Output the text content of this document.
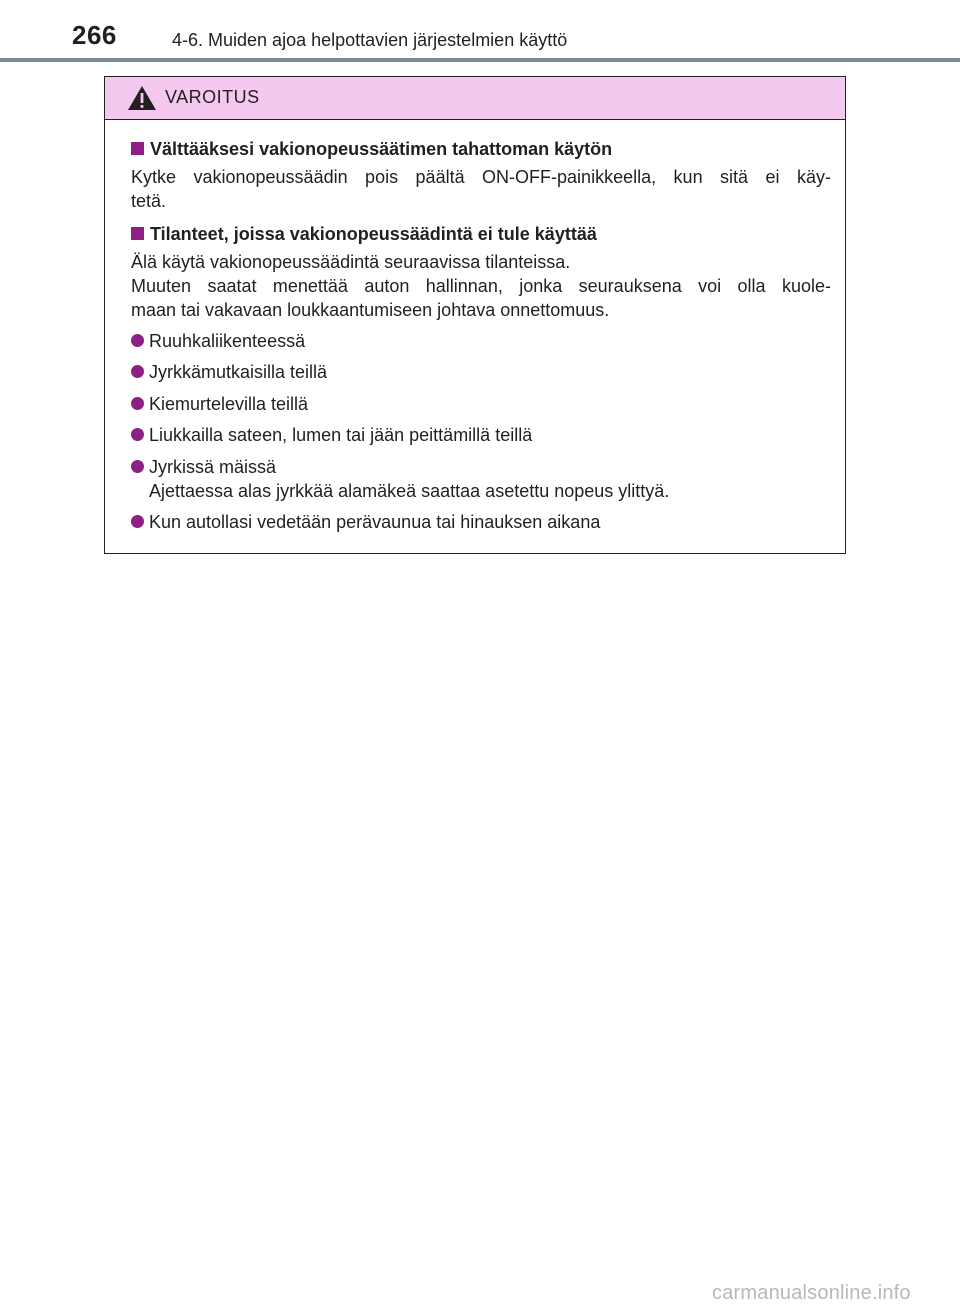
266	4-6. Muiden ajoa helpottavien järjestelmien käyttö
VAROITUS
Välttääksesi vakionopeussäätimen tahattoman käytön
Kytke vakionopeussäädin pois päältä ON-OFF-painikkeella, kun sitä ei käy-
tetä.
Tilanteet, joissa vakionopeussäädintä ei tule käyttää
Älä käytä vakionopeussäädintä seuraavissa tilanteissa.
Muuten saatat menettää auton hallinnan, jonka seurauksena voi olla kuole-
maan tai vakavaan loukkaantumiseen johtava onnettomuus.
Ruuhkaliikenteessä
Jyrkkämutkaisilla teillä
Kiemurtelevilla teillä
Liukkailla sateen, lumen tai jään peittämillä teillä
Jyrkissä mäissä
Ajettaessa alas jyrkkää alamäkeä saattaa asetettu nopeus ylittyä.
Kun autollasi vedetään perävaunua tai hinauksen aikana
carmanualsonline.info
